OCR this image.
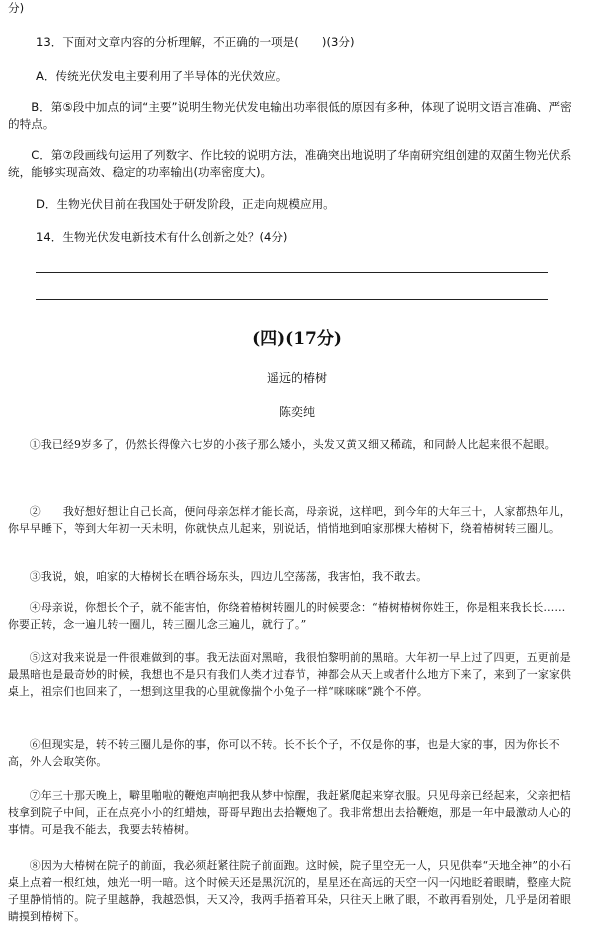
分)

13．下面对文章内容的分析理解，不正确的一项是(　　)(3分)

A．传统光伏发电主要利用了半导体的光伏效应。

B．第⑤段中加点的词“主要”说明生物光伏发电输出功率很低的原因有多种，体现了说明文语言准确、严密的特点。

C．第⑦段画线句运用了列数字、作比较的说明方法，准确突出地说明了华南研究组创建的双菌生物光伏系统，能够实现高效、稳定的功率输出(功率密度大)。

D．生物光伏目前在我国处于研发阶段，正走向规模应用。

14．生物光伏发电新技术有什么创新之处？(4分)

(四)(17分)
遥远的椿树
陈奕纯

①我已经9岁多了，仍然长得像六七岁的小孩子那么矮小，头发又黄又细又稀疏，和同龄人比起来很不起眼。

②　　我好想好想让自己长高，便问母亲怎样才能长高，母亲说，这样吧，到今年的大年三十，人家都热年儿，你早早睡下，等到大年初一天未明，你就快点儿起来，别说话，悄悄地到咱家那棵大椿树下，绕着椿树转三圈儿。

③我说，娘，咱家的大椿树长在晒谷场东头，四边儿空荡荡，我害怕，我不敢去。

④母亲说，你想长个子，就不能害怕，你绕着椿树转圈儿的时候要念：“椿树椿树你姓王，你是粗来我长长……你要正转，念一遍儿转一圈儿，转三圈儿念三遍儿，就行了。”

⑤这对我来说是一件很难做到的事。我无法面对黑暗，我很怕黎明前的黑暗。大年初一早上过了四更，五更前是最黑暗也是最奇妙的时候，我想也不是只有我们人类才过春节，神都会从天上或者什么地方下来了，来到了一家家供桌上，祖宗们也回来了，一想到这里我的心里就像揣个小兔子一样“咪咪咪”跳个不停。

⑥但现实是，转不转三圈儿是你的事，你可以不转。长不长个子，不仅是你的事，也是大家的事，因为你长不高，外人会取笑你。

⑦年三十那天晚上，噼里啪啦的鞭炮声响把我从梦中惊醒，我赶紧爬起来穿衣服。只见母亲已经起来，父亲把桔枝拿到院子中间，正在点亮小小的红蜡烛，哥哥早跑出去拾鞭炮了。我非常想出去拾鞭炮，那是一年中最激动人心的事情。可是我不能去，我要去转椿树。

⑧因为大椿树在院子的前面，我必须赶紧往院子前面跑。这时候，院子里空无一人，只见供奉“天地全神”的小石桌上点着一根红烛，烛光一明一暗。这个时候天还是黑沉沉的，星星还在高远的天空一闪一闪地眨着眼睛，整座大院子里静悄悄的。院子里越静，我越恐惧，天又冷，我两手捂着耳朵，只往天上瞅了眼，不敢再看别处，几乎是闭着眼睛摸到椿树下。
